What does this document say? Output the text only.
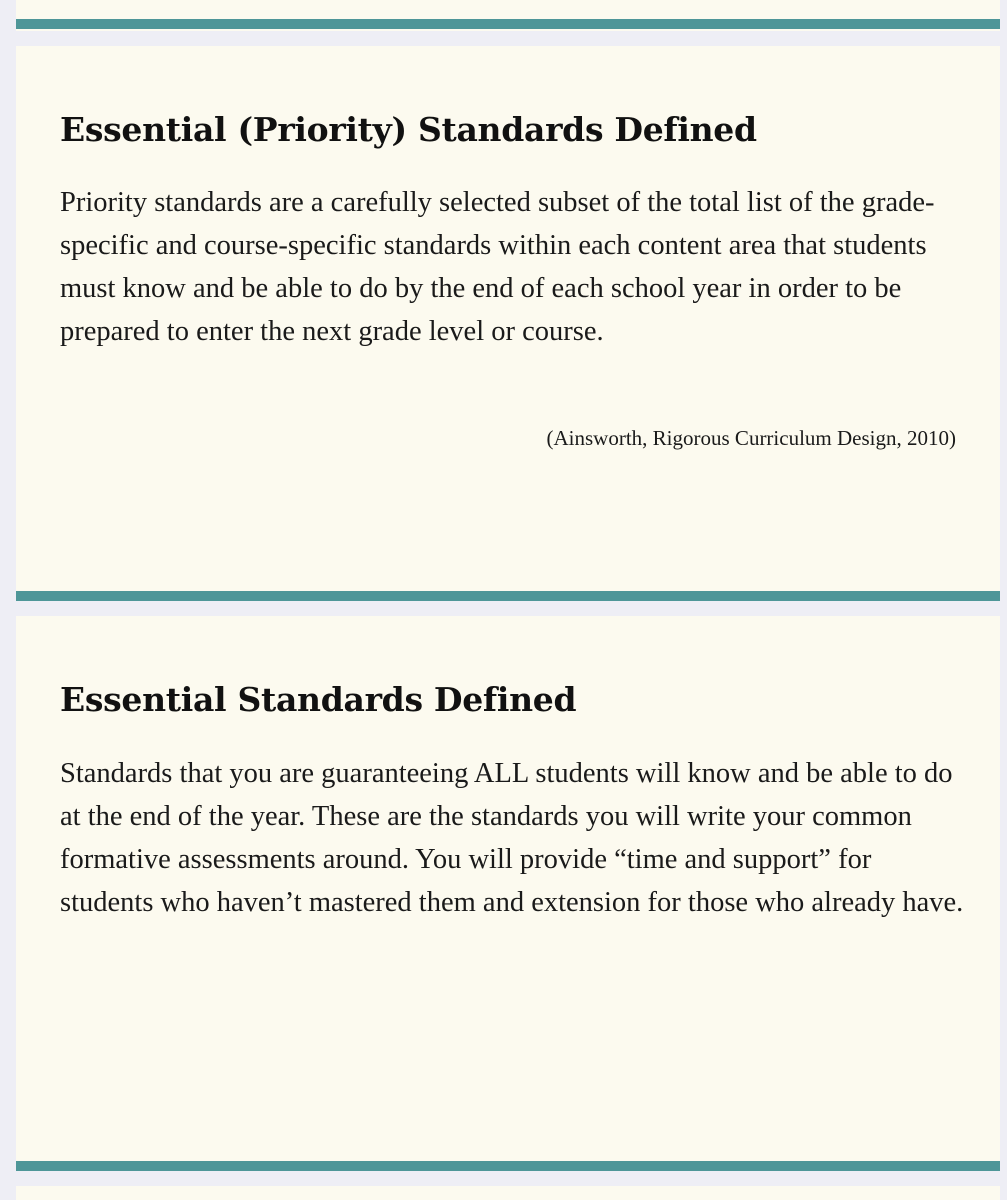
Essential (Priority) Standards Defined

Priority standards are a carefully selected subset of the total list of the grade-specific and course-specific standards within each content area that students must know and be able to do by the end of each school year in order to be prepared to enter the next grade level or course.

(Ainsworth, Rigorous Curriculum Design, 2010)

Essential Standards Defined

Standards that you are guaranteeing ALL students will know and be able to do at the end of the year. These are the standards you will write your common formative assessments around. You will provide “time and support” for students who haven’t mastered them and extension for those who already have.
